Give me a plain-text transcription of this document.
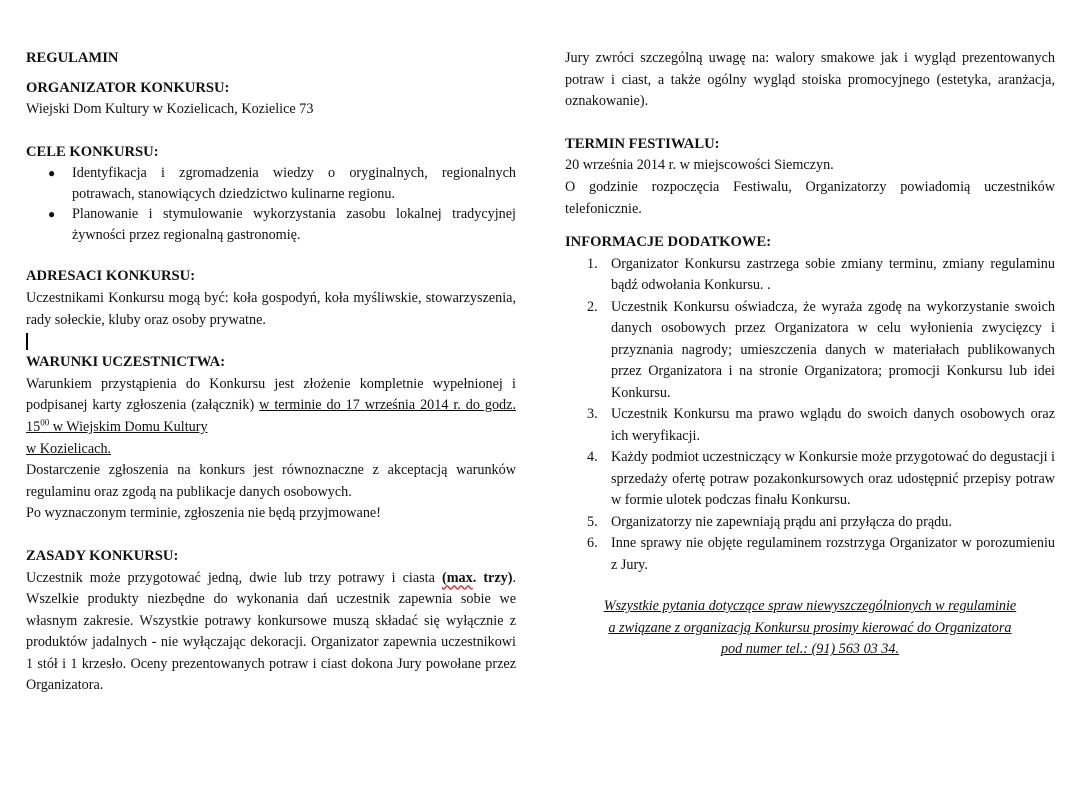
REGULAMIN

ORGANIZATOR KONKURSU:

Wiejski Dom Kultury w Kozielicach, Kozielice 73

CELE KONKURSU:

● Identyfikacja i zgromadzenia wiedzy o oryginalnych, regionalnych potrawach, stanowiących dziedzictwo kulinarne regionu.
● Planowanie i stymulowanie wykorzystania zasobu lokalnej tradycyjnej żywności przez regionalną gastronomię.

ADRESACI KONKURSU:

Uczestnikami Konkursu mogą być: koła gospodyń, koła myśliwskie, stowarzyszenia, rady sołeckie, kluby oraz osoby prywatne.

WARUNKI UCZESTNICTWA:

Warunkiem przystąpienia do Konkursu jest złożenie kompletnie wypełnionej i podpisanej karty zgłoszenia (załącznik) w terminie do 17 września 2014 r. do godz. $15^{00}$ w Wiejskim Domu Kultury

w Kozielicach.

Dostarczenie zgłoszenia na konkurs jest równoznaczne z akceptacją warunków regulaminu oraz zgodą na publikacje danych osobowych.

Po wyznaczonym terminie, zgłoszenia nie będą przyjmowane!

ZASADY KONKURSU:

Uczestnik może przygotować jedną, dwie lub trzy potrawy i ciasta (max. trzy). Wszelkie produkty niezbędne do wykonania dań uczestnik zapewnia sobie we własnym zakresie. Wszystkie potrawy konkursowe muszą składać się wyłącznie z produktów jadalnych - nie wyłączając dekoracji. Organizator zapewnia uczestnikowi 1 stół i 1 krzesło. Oceny prezentowanych potraw i ciast dokona Jury powołane przez Organizatora.

Jury zwróci szczególną uwagę na: walory smakowe jak i wygląd prezentowanych potraw i ciast, a także ogólny wygląd stoiska promocyjnego (estetyka, aranżacja, oznakowanie).

TERMIN FESTIWALU:

20 września 2014 r. w miejscowości Siemczyn.

O godzinie rozpoczęcia Festiwalu, Organizatorzy powiadomią uczestników telefonicznie.

INFORMACJE DODATKOWE:

1. Organizator Konkursu zastrzega sobie zmiany terminu, zmiany regulaminu bądź odwołania Konkursu. .
2. Uczestnik Konkursu oświadcza, że wyraża zgodę na wykorzystanie swoich danych osobowych przez Organizatora w celu wyłonienia zwycięzcy i przyznania nagrody; umieszczenia danych w materiałach publikowanych przez Organizatora i na stronie Organizatora; promocji Konkursu lub idei Konkursu.
3. Uczestnik Konkursu ma prawo wglądu do swoich danych osobowych oraz ich weryfikacji.
4. Każdy podmiot uczestniczący w Konkursie może przygotować do degustacji i sprzedaży ofertę potraw pozakonkursowych oraz udostępnić przepisy potraw w formie ulotek podczas finału Konkursu.
5. Organizatorzy nie zapewniają prądu ani przyłącza do prądu.
6. Inne sprawy nie objęte regulaminem rozstrzyga Organizator w porozumieniu z Jury.

Wszystkie pytania dotyczące spraw niewyszczególnionych w regulaminie

a związane z organizacją Konkursu prosimy kierować do Organizatora

pod numer tel.: (91) 563 03 34.
